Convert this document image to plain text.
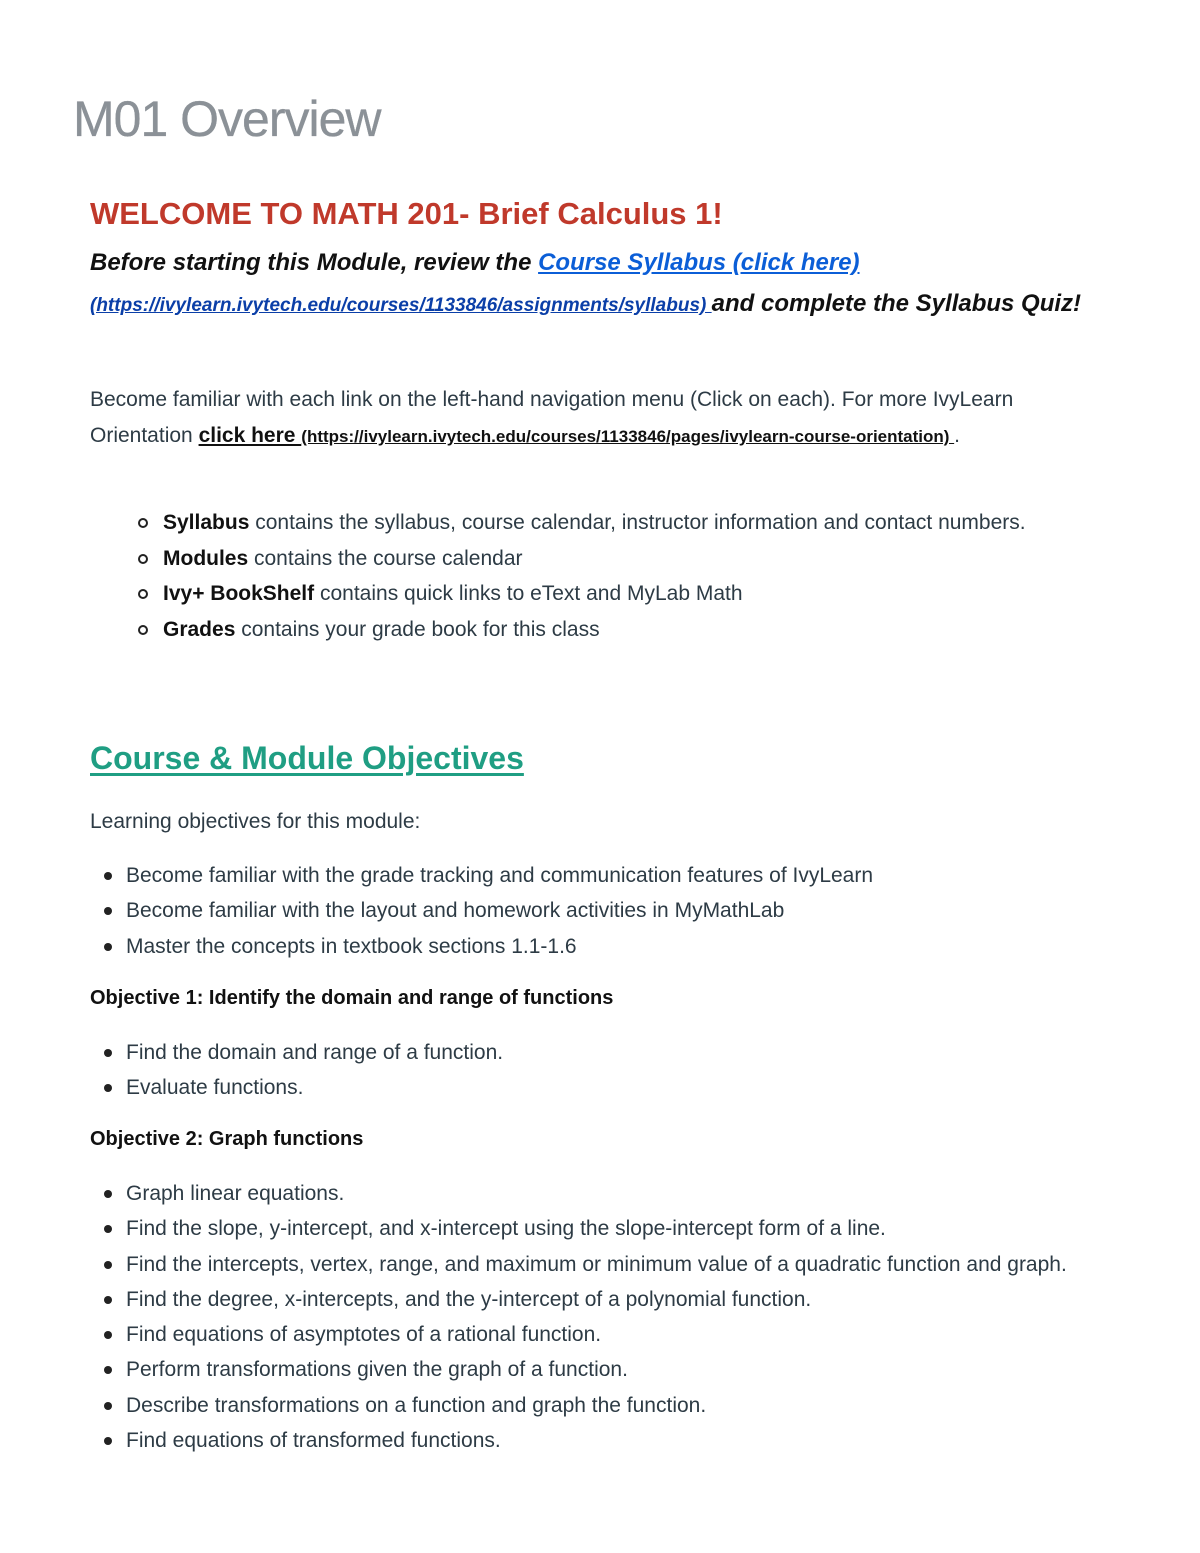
M01 Overview

WELCOME TO MATH 201- Brief Calculus 1!

Before starting this Module, review the Course Syllabus (click here)
(https://ivylearn.ivytech.edu/courses/1133846/assignments/syllabus) and complete the Syllabus Quiz!

Become familiar with each link on the left-hand navigation menu (Click on each). For more IvyLearn Orientation click here (https://ivylearn.ivytech.edu/courses/1133846/pages/ivylearn-course-orientation) .

Syllabus contains the syllabus, course calendar, instructor information and contact numbers.
Modules contains the course calendar
Ivy+ BookShelf contains quick links to eText and MyLab Math
Grades contains your grade book for this class
Course & Module Objectives

Learning objectives for this module:

Become familiar with the grade tracking and communication features of IvyLearn
Become familiar with the layout and homework activities in MyMathLab
Master the concepts in textbook sections 1.1-1.6

Objective 1: Identify the domain and range of functions

Find the domain and range of a function.
Evaluate functions.

Objective 2: Graph functions

Graph linear equations.
Find the slope, y-intercept, and x-intercept using the slope-intercept form of a line.
Find the intercepts, vertex, range, and maximum or minimum value of a quadratic function and graph.
Find the degree, x-intercepts, and the y-intercept of a polynomial function.
Find equations of asymptotes of a rational function.
Perform transformations given the graph of a function.
Describe transformations on a function and graph the function.
Find equations of transformed functions.
